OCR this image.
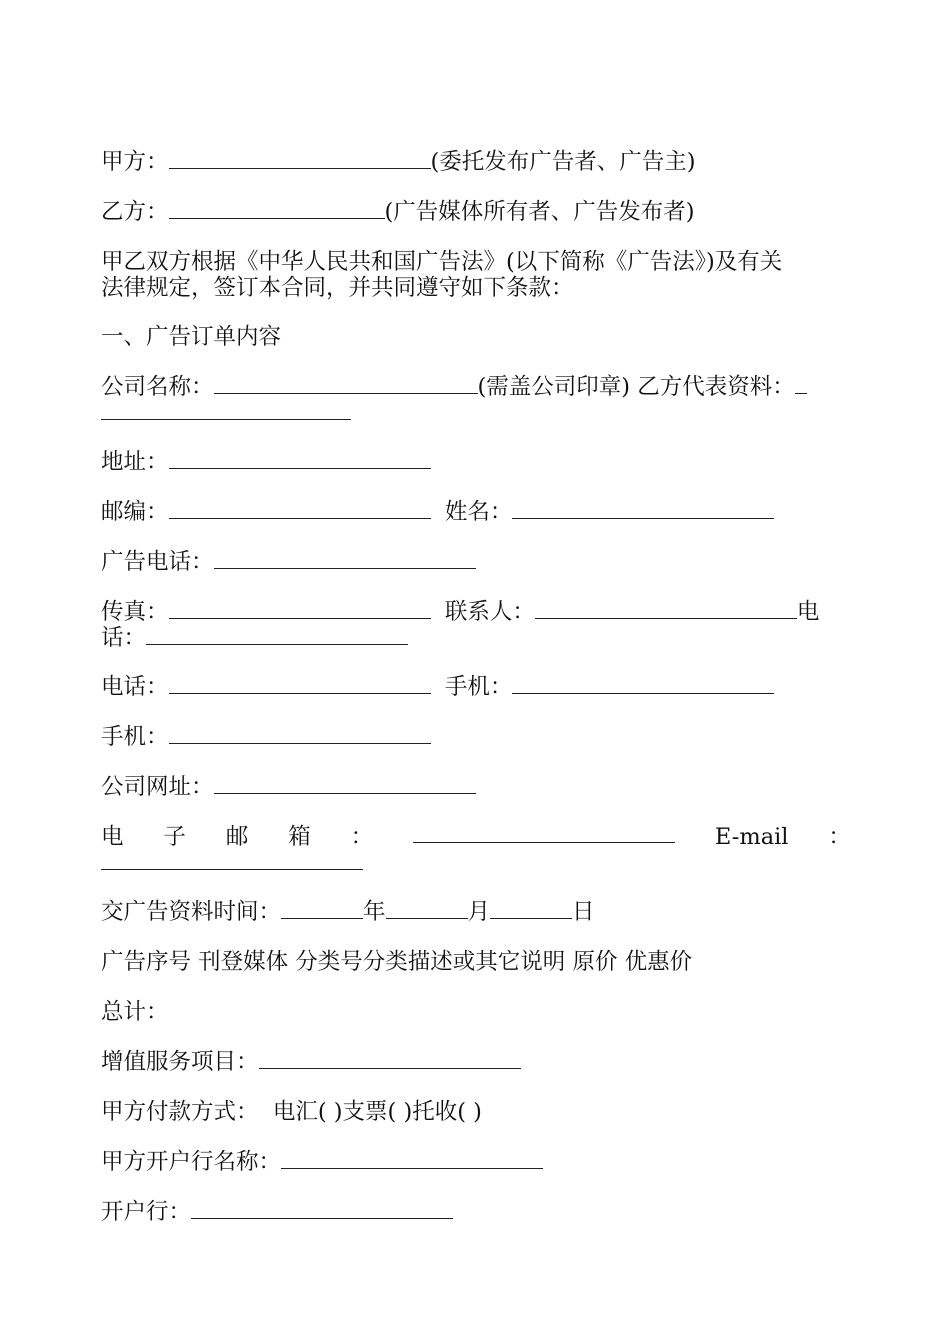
甲方：	(委托发布广告者、广告主)
乙方：	(广告媒体所有者、广告发布者)
甲乙双方根据《中华人民共和国广告法》(以下简称《广告法》)及有关
法律规定，签订本合同，并共同遵守如下条款：
一、广告订单内容
公司名称：	(需盖公司印章) 乙方代表资料：
地址：
邮编：	姓名：
广告电话：
传真：	联系人：	电
话：
电话：	手机：
手机：
公司网址：
电 子 邮 箱 ：	E-mail ：
交广告资料时间：	年	月	日
广告序号 刊登媒体 分类号分类描述或其它说明 原价 优惠价
总计：
增值服务项目：
甲方付款方式： 电汇( )支票( )托收( )
甲方开户行名称：
开户行：
